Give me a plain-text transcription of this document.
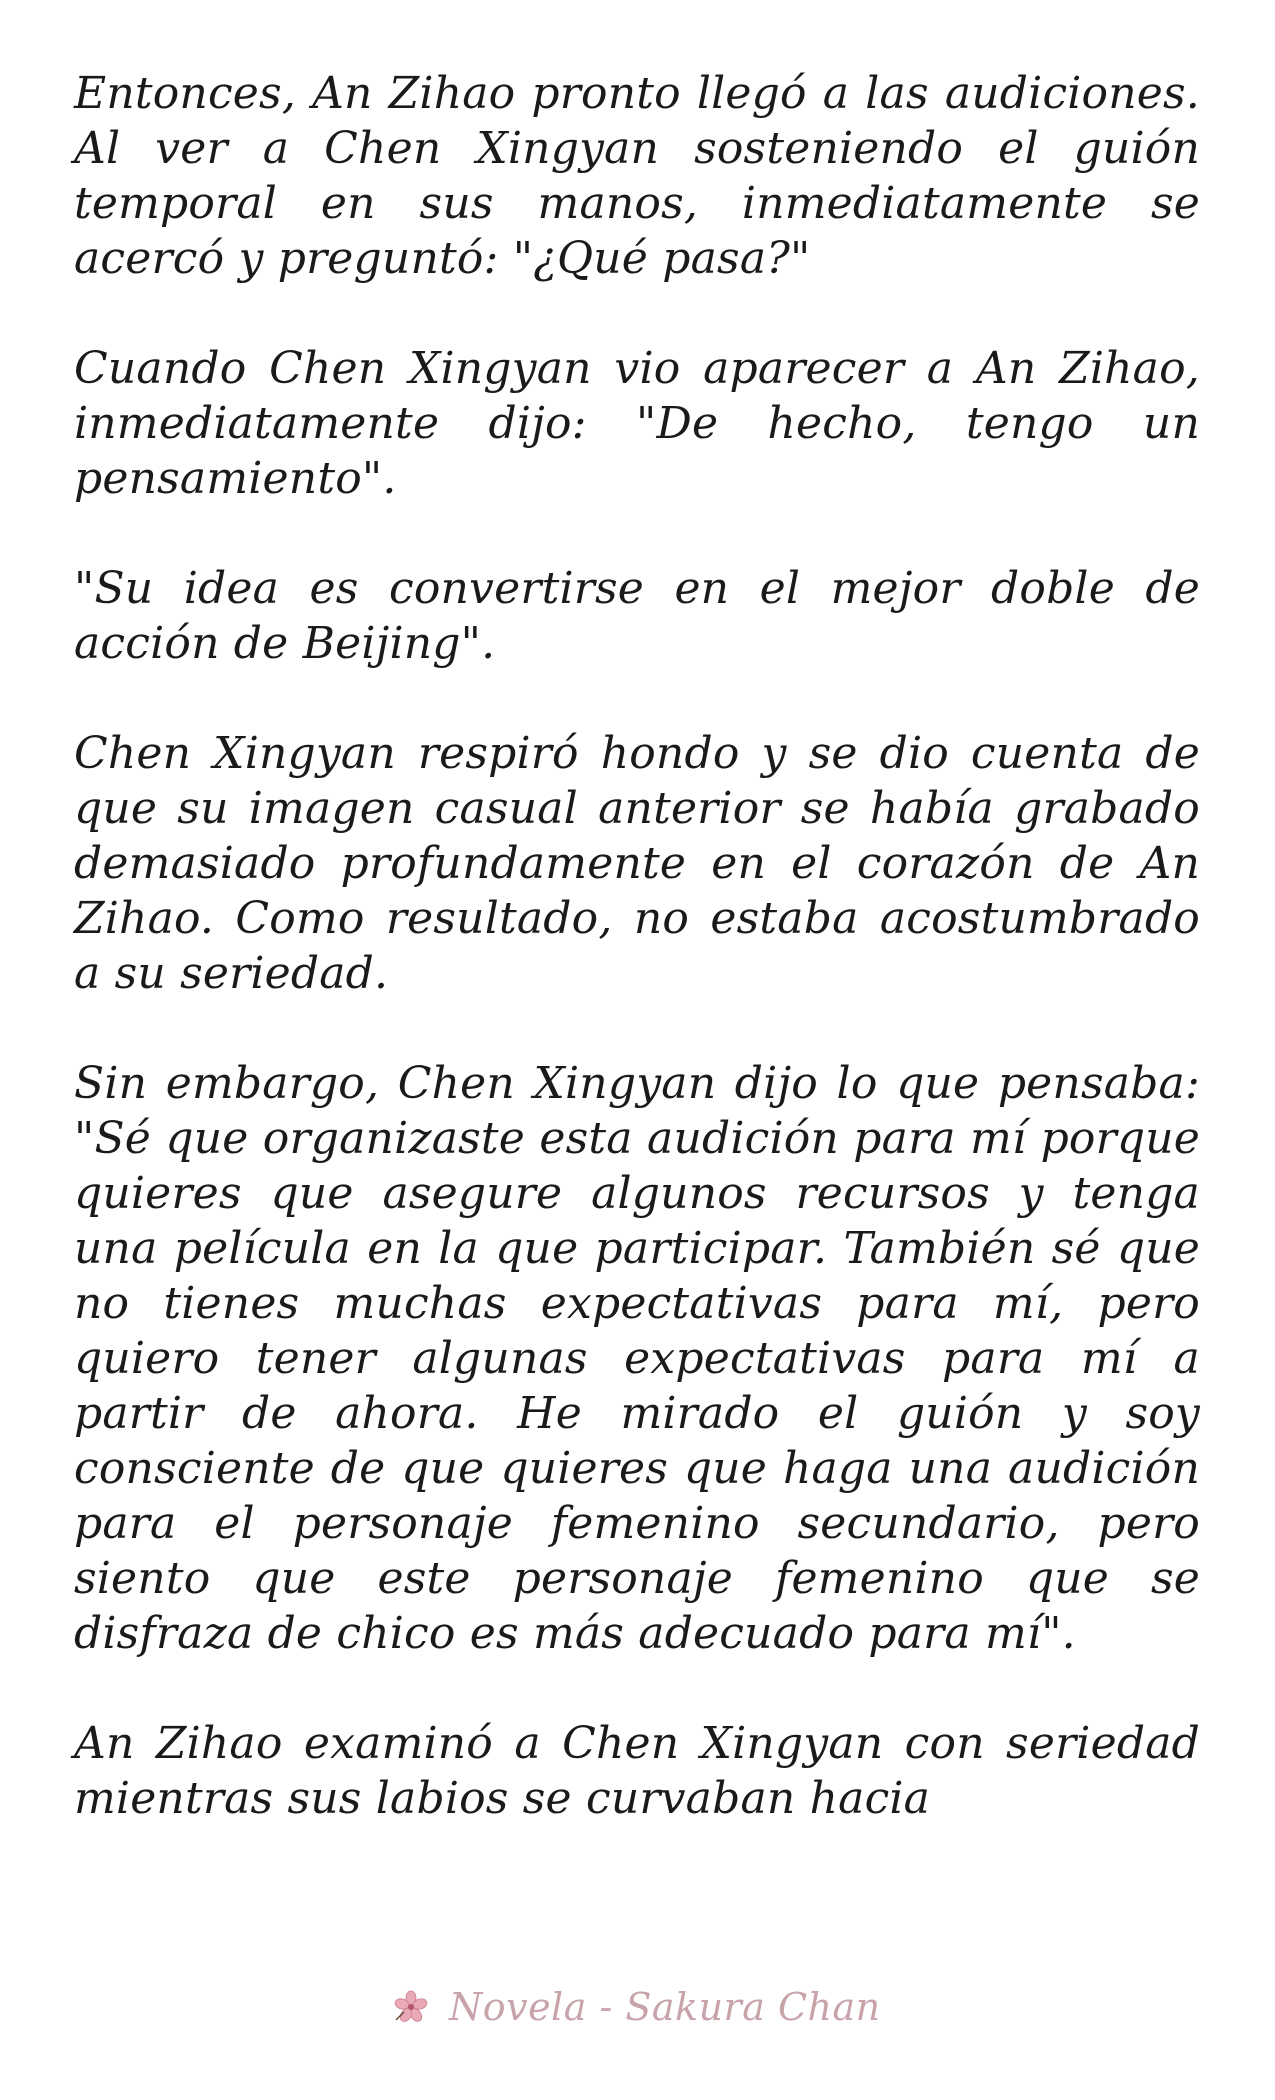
Entonces, An Zihao pronto llegó a las audiciones. Al ver a Chen Xingyan sosteniendo el guión temporal en sus manos, inmediatamente se acercó y preguntó: "¿Qué pasa?"

Cuando Chen Xingyan vio aparecer a An Zihao, inmediatamente dijo: "De hecho, tengo un pensamiento".

"Su idea es convertirse en el mejor doble de acción de Beijing".

Chen Xingyan respiró hondo y se dio cuenta de que su imagen casual anterior se había grabado demasiado profundamente en el corazón de An Zihao. Como resultado, no estaba acostumbrado a su seriedad.

Sin embargo, Chen Xingyan dijo lo que pensaba: "Sé que organizaste esta audición para mí porque quieres que asegure algunos recursos y tenga una película en la que participar. También sé que no tienes muchas expectativas para mí, pero quiero tener algunas expectativas para mí a partir de ahora. He mirado el guión y soy consciente de que quieres que haga una audición para el personaje femenino secundario, pero siento que este personaje femenino que se disfraza de chico es más adecuado para mí".

An Zihao examinó a Chen Xingyan con seriedad mientras sus labios se curvaban hacia

Novela - Sakura Chan
